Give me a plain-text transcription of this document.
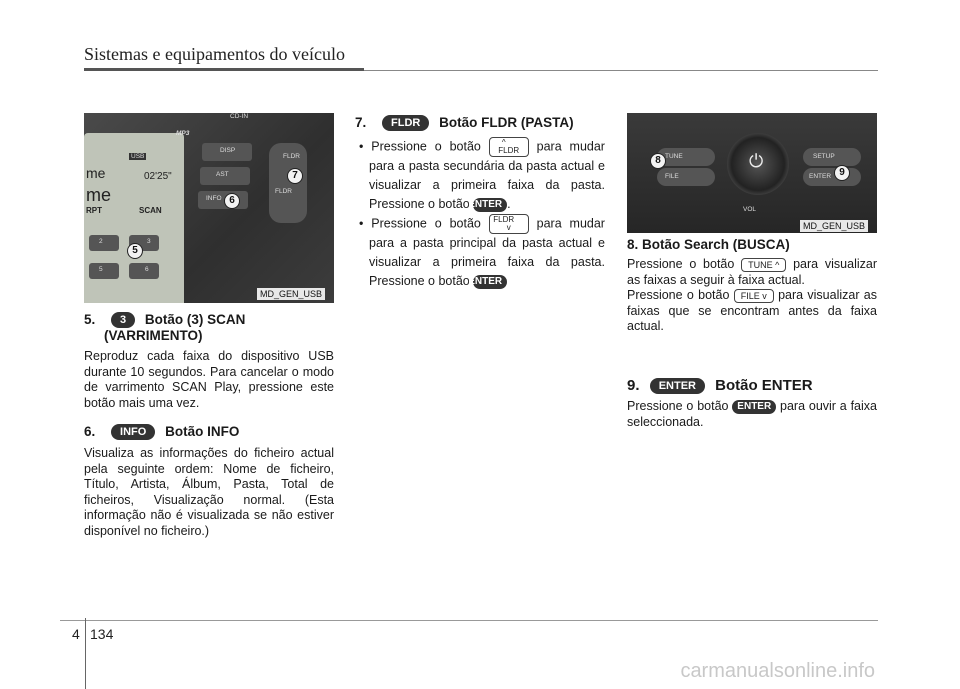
Sistemas e equipamentos do veículo
me
me
02'25"
RPT	SCAN
USB
MP3
CD-IN
DISP
AST
INFO
FLDR
FLDR
2	3
5	6
5
6
7
MD_GEN_USB
⏻
VOL
TUNE
FILE
SETUP
ENTER
8
9
MD_GEN_USB
5. 3 Botão (3) SCAN
(VARRIMENTO)
Reproduz cada faixa do dispositivo USB durante 10 segundos. Para cancelar o modo de varrimento SCAN Play, pressione este botão mais uma vez.
6. INFO Botão INFO
Visualiza as informações do ficheiro actual pela seguinte ordem: Nome de ficheiro, Título, Artista, Álbum, Pasta, Total de ficheiros, Visualização normal. (Esta informação não é visualizada se não estiver disponível no ficheiro.)
7. FLDR Botão FLDR (PASTA)
• Pressione o botão	^
FLDR para mudar para a pasta secundária da pasta actual e visualizar a primeira faixa da pasta. Pressione o botão ENTER .
• Pressione o botão FLDR
v para mudar para a pasta principal da pasta actual e visualizar a primeira faixa da pasta. Pressione o botão ENTER
8. Botão Search (BUSCA)
Pressione o botão TUNE ^ para visualizar as faixas a seguir à faixa actual.
Pressione o botão FILE v para visualizar as faixas que se encontram antes da faixa actual.
9. ENTER Botão ENTER
Pressione o botão ENTER para ouvir a faixa seleccionada.
4 134
carmanualsonline.info
